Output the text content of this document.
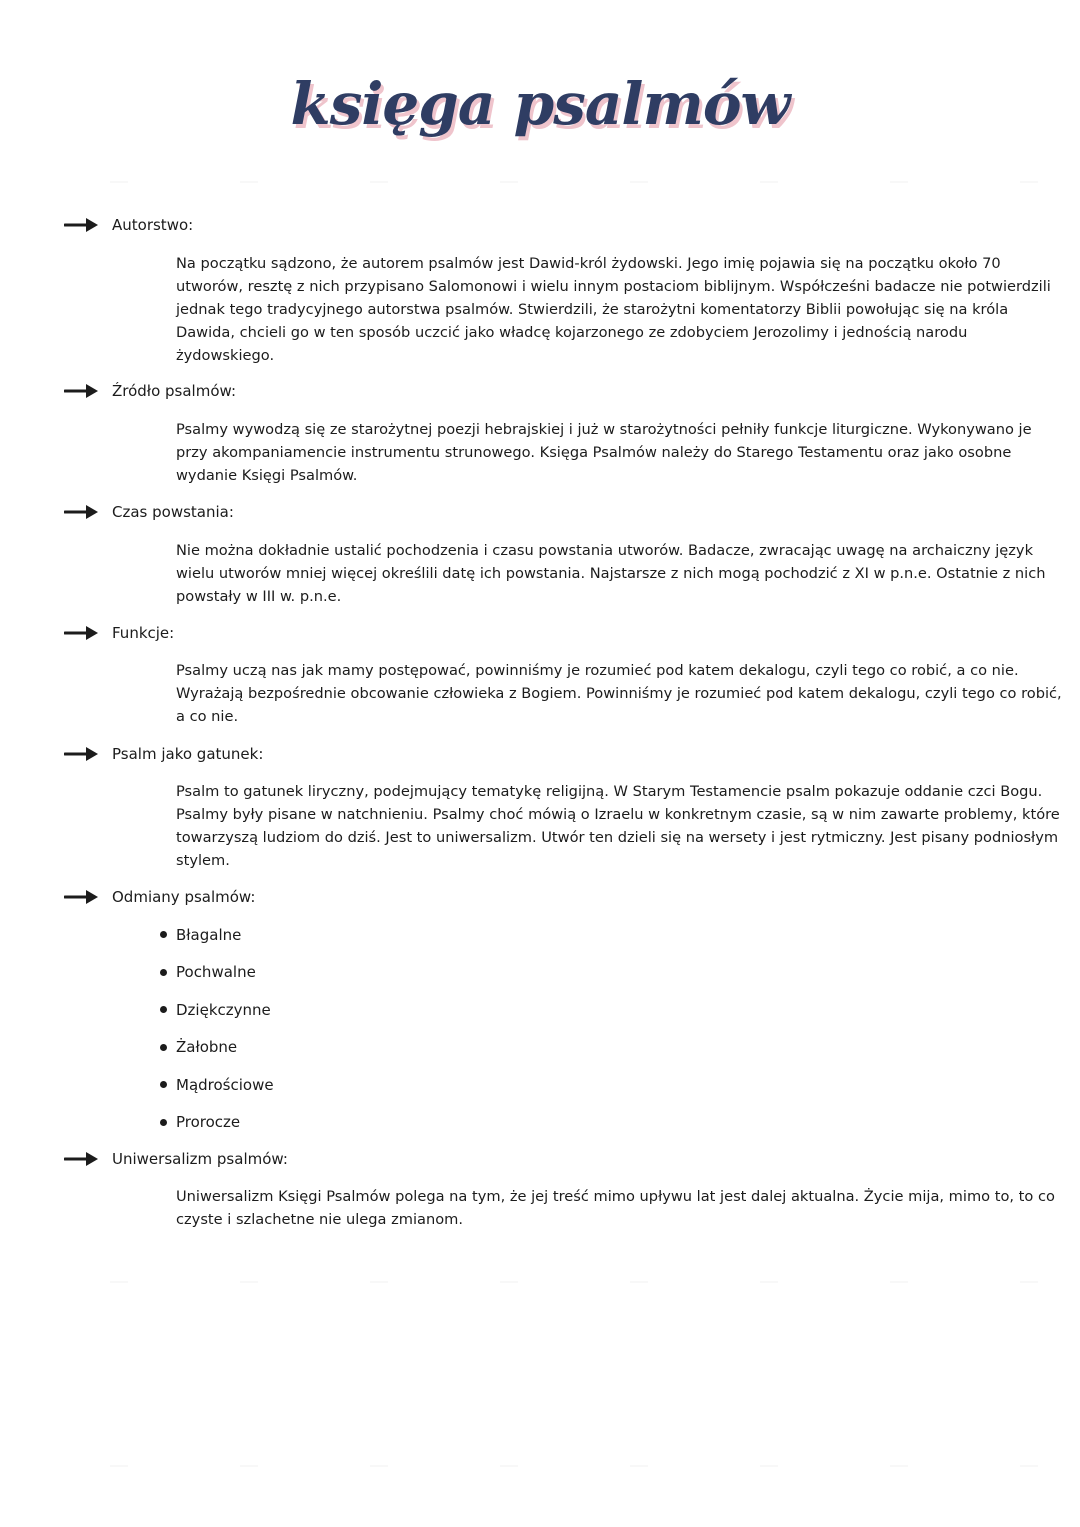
księga psalmów
Autorstwo:
Na początku sądzono, że autorem psalmów jest Dawid-król żydowski. Jego imię pojawia się na początku około 70 utworów, resztę z nich przypisano Salomonowi i wielu innym postaciom biblijnym. Współcześni badacze nie potwierdzili jednak tego tradycyjnego autorstwa psalmów. Stwierdzili, że starożytni komentatorzy Biblii powołując się na króla Dawida, chcieli go w ten sposób uczcić jako władcę kojarzonego ze zdobyciem Jerozolimy i jednością narodu żydowskiego.
Źródło psalmów:
Psalmy wywodzą się ze starożytnej poezji hebrajskiej i już w starożytności pełniły funkcje liturgiczne. Wykonywano je przy akompaniamencie instrumentu strunowego. Księga Psalmów należy do Starego Testamentu oraz jako osobne wydanie Księgi Psalmów.
Czas powstania:
Nie można dokładnie ustalić pochodzenia i czasu powstania utworów. Badacze, zwracając uwagę na archaiczny język wielu utworów mniej więcej określili datę ich powstania. Najstarsze z nich mogą pochodzić z XI w p.n.e. Ostatnie z nich powstały w III w. p.n.e.
Funkcje:
Psalmy uczą nas jak mamy postępować, powinniśmy je rozumieć pod katem dekalogu, czyli tego co robić, a co nie. Wyrażają bezpośrednie obcowanie człowieka z Bogiem. Powinniśmy je rozumieć pod katem dekalogu, czyli tego co robić, a co nie.
Psalm jako gatunek:
Psalm to gatunek liryczny, podejmujący tematykę religijną. W Starym Testamencie psalm pokazuje oddanie czci Bogu. Psalmy były pisane w natchnieniu. Psalmy choć mówią o Izraelu w konkretnym czasie, są w nim zawarte problemy, które towarzyszą ludziom do dziś. Jest to uniwersalizm. Utwór ten dzieli się na wersety i jest rytmiczny. Jest pisany podniosłym stylem.
Odmiany psalmów:
Błagalne
Pochwalne
Dziękczynne
Żałobne
Mądrościowe
Prorocze
Uniwersalizm psalmów:
Uniwersalizm Księgi Psalmów polega na tym, że jej treść mimo upływu lat jest dalej aktualna. Życie mija, mimo to, to co czyste i szlachetne nie ulega zmianom.
